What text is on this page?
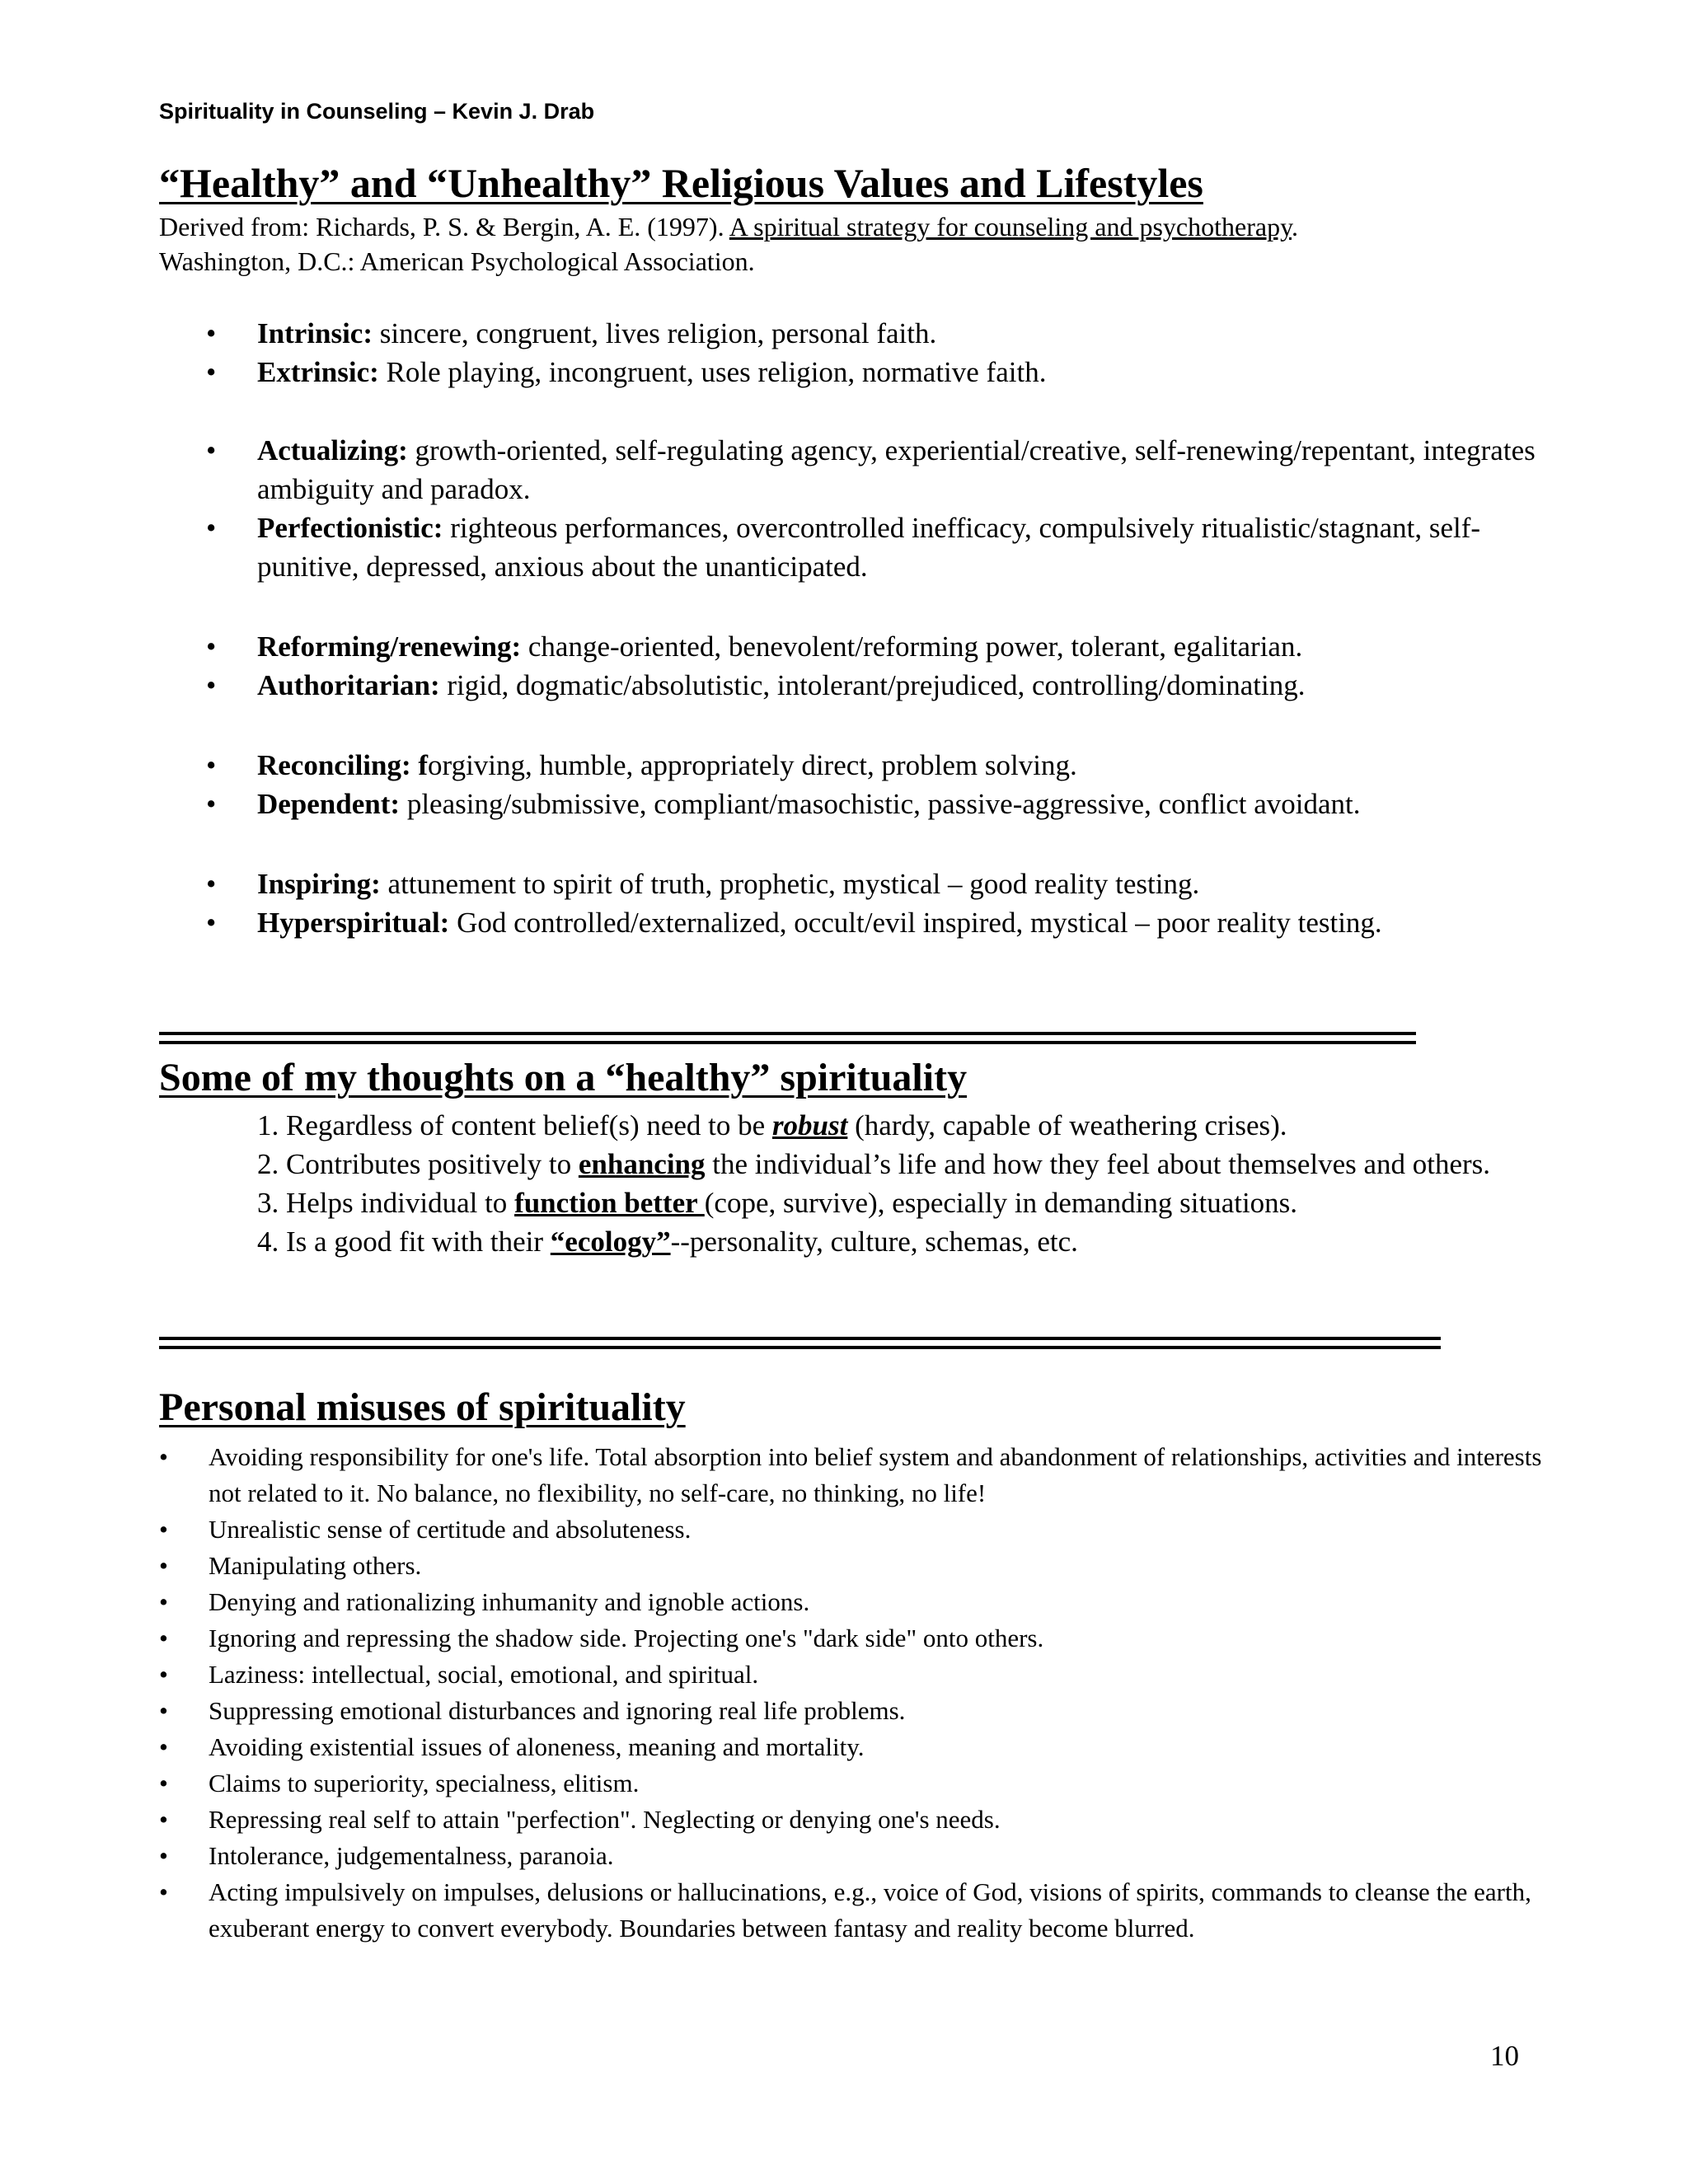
Spirituality in Counseling – Kevin J. Drab
“Healthy” and “Unhealthy” Religious Values and Lifestyles
Derived from: Richards, P. S. & Bergin, A. E. (1997). A spiritual strategy for counseling and psychotherapy.
Washington, D.C.: American Psychological Association.
• Intrinsic: sincere, congruent, lives religion, personal faith.
• Extrinsic: Role playing, incongruent, uses religion, normative faith.
• Actualizing: growth-oriented, self-regulating agency, experiential/creative, self-renewing/repentant, integrates ambiguity and paradox.
• Perfectionistic: righteous performances, overcontrolled inefficacy, compulsively ritualistic/stagnant, self-punitive, depressed, anxious about the unanticipated.
• Reforming/renewing: change-oriented, benevolent/reforming power, tolerant, egalitarian.
• Authoritarian: rigid, dogmatic/absolutistic, intolerant/prejudiced, controlling/dominating.
• Reconciling: forgiving, humble, appropriately direct, problem solving.
• Dependent: pleasing/submissive, compliant/masochistic, passive-aggressive, conflict avoidant.
• Inspiring: attunement to spirit of truth, prophetic, mystical – good reality testing.
• Hyperspiritual: God controlled/externalized, occult/evil inspired, mystical – poor reality testing.
Some of my thoughts on a “healthy” spirituality
1. Regardless of content belief(s) need to be robust (hardy, capable of weathering crises).
2. Contributes positively to enhancing the individual’s life and how they feel about themselves and others.
3. Helps individual to function better (cope, survive), especially in demanding situations.
4. Is a good fit with their “ecology”--personality, culture, schemas, etc.
Personal misuses of spirituality
• Avoiding responsibility for one's life. Total absorption into belief system and abandonment of relationships, activities and interests not related to it. No balance, no flexibility, no self-care, no thinking, no life!
• Unrealistic sense of certitude and absoluteness.
• Manipulating others.
• Denying and rationalizing inhumanity and ignoble actions.
• Ignoring and repressing the shadow side. Projecting one's "dark side" onto others.
• Laziness: intellectual, social, emotional, and spiritual.
• Suppressing emotional disturbances and ignoring real life problems.
• Avoiding existential issues of aloneness, meaning and mortality.
• Claims to superiority, specialness, elitism.
• Repressing real self to attain "perfection". Neglecting or denying one's needs.
• Intolerance, judgementalness, paranoia.
• Acting impulsively on impulses, delusions or hallucinations, e.g., voice of God, visions of spirits, commands to cleanse the earth, exuberant energy to convert everybody. Boundaries between fantasy and reality become blurred.
10
